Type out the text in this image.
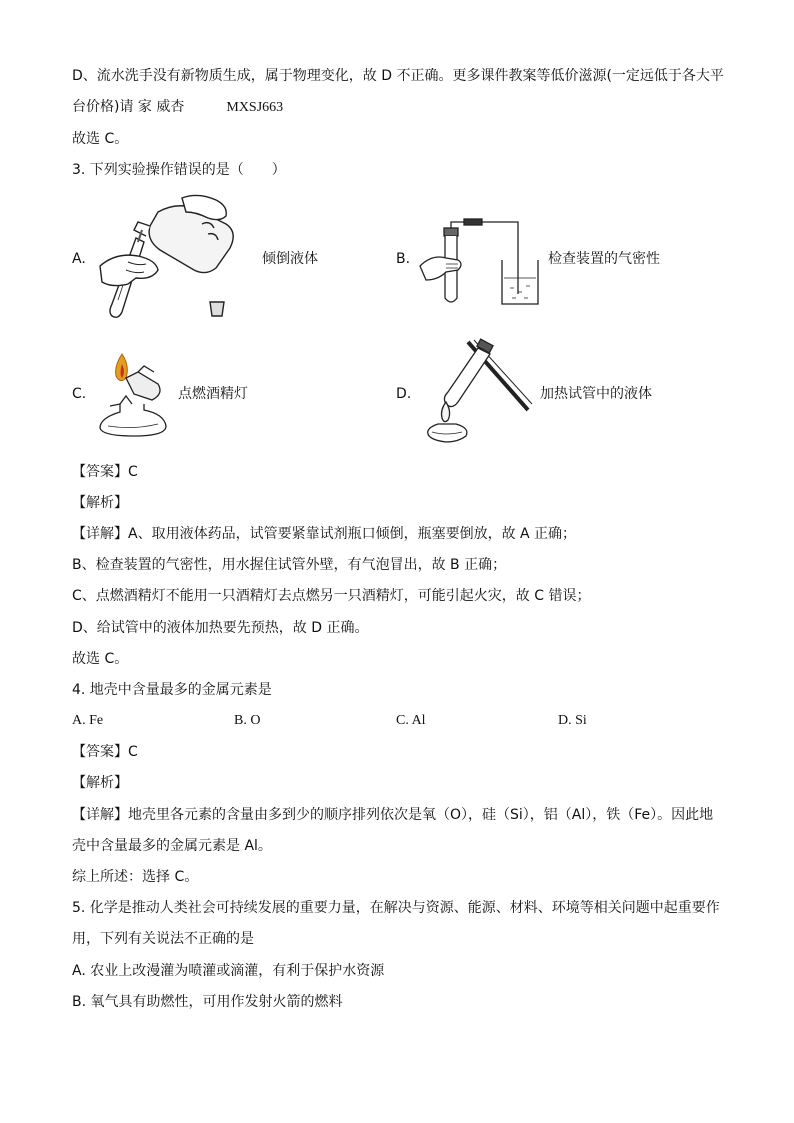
D、流水洗手没有新物质生成，属于物理变化，故 D 不正确。更多课件教案等低价滋源(一定远低于各大平
台价格)请 家 威杏	MXSJ663
故选 C。
3. 下列实验操作错误的是（　　）
A.	倾倒液体	B.	检查装置的气密性
C.	点燃酒精灯	D.	加热试管中的液体
【答案】C
【解析】
【详解】A、取用液体药品，试管要紧靠试剂瓶口倾倒，瓶塞要倒放，故 A 正确；
B、检查装置的气密性，用水握住试管外壁，有气泡冒出，故 B 正确；
C、点燃酒精灯不能用一只酒精灯去点燃另一只酒精灯，可能引起火灾，故 C 错误；
D、给试管中的液体加热要先预热，故 D 正确。
故选 C。
4. 地壳中含量最多的金属元素是
A. Fe	B. O	C. Al	D. Si
【答案】C
【解析】
【详解】地壳里各元素的含量由多到少的顺序排列依次是氧（O），硅（Si），铝（Al），铁（Fe）。因此地
壳中含量最多的金属元素是 Al。
综上所述：选择 C。
5. 化学是推动人类社会可持续发展的重要力量，在解决与资源、能源、材料、环境等相关问题中起重要作
用，下列有关说法不正确的是
A. 农业上改漫灌为喷灌或滴灌，有利于保护水资源
B. 氧气具有助燃性，可用作发射火箭的燃料
